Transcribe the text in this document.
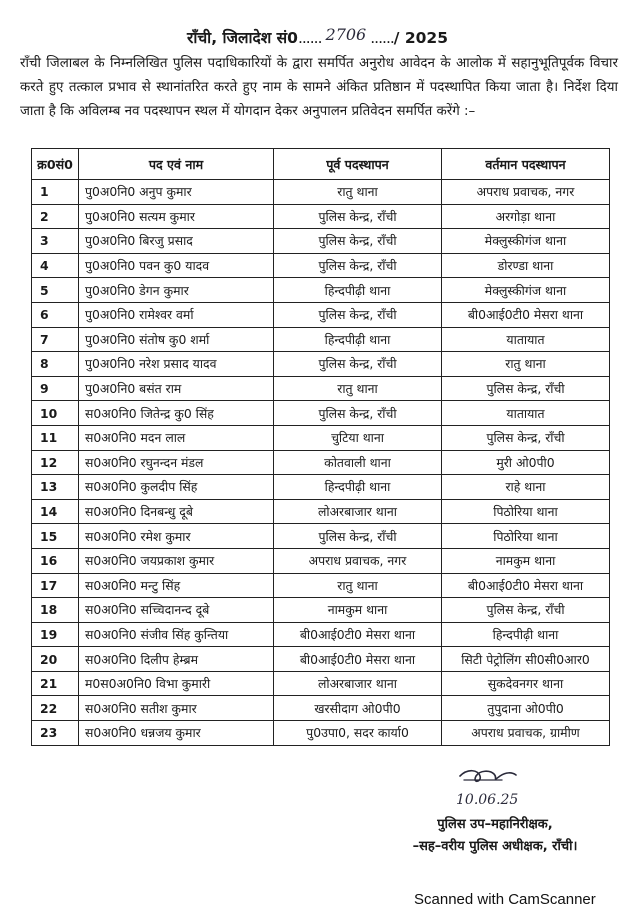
राँची, जिलादेश सं0...... 2706 ....../ 2025
राँची जिलाबल के निम्नलिखित पुलिस पदाधिकारियों के द्वारा समर्पित अनुरोध आवेदन के आलोक में सहानुभूतिपूर्वक विचार करते हुए तत्काल प्रभाव से स्थानांतरित करते हुए नाम के सामने अंकित प्रतिष्ठान में पदस्थापित किया जाता है। निर्देश दिया जाता है कि अविलम्ब नव पदस्थापन स्थल में योगदान देकर अनुपालन प्रतिवेदन समर्पित करेंगे :–
क्र0सं0	पद एवं नाम	पूर्व पदस्थापन	वर्तमान पदस्थापन
1	पु0अ0नि0 अनुप कुमार	रातु थाना	अपराध प्रवाचक, नगर
2	पु0अ0नि0 सत्यम कुमार	पुलिस केन्द्र, राँची	अरगोड़ा थाना
3	पु0अ0नि0 बिरजु प्रसाद	पुलिस केन्द्र, राँची	मेक्लुस्कीगंज थाना
4	पु0अ0नि0 पवन कु0 यादव	पुलिस केन्द्र, राँची	डोरण्डा थाना
5	पु0अ0नि0 डेगन कुमार	हिन्दपीढ़ी थाना	मेक्लुस्कीगंज थाना
6	पु0अ0नि0 रामेश्वर वर्मा	पुलिस केन्द्र, राँची	बी0आई0टी0 मेसरा थाना
7	पु0अ0नि0 संतोष कु0 शर्मा	हिन्दपीढ़ी थाना	यातायात
8	पु0अ0नि0 नरेश प्रसाद यादव	पुलिस केन्द्र, राँची	रातु थाना
9	पु0अ0नि0 बसंत राम	रातु थाना	पुलिस केन्द्र, राँची
10	स0अ0नि0 जितेन्द्र कु0 सिंह	पुलिस केन्द्र, राँची	यातायात
11	स0अ0नि0 मदन लाल	चुटिया थाना	पुलिस केन्द्र, राँची
12	स0अ0नि0 रघुनन्दन मंडल	कोतवाली थाना	मुरी ओ0पी0
13	स0अ0नि0 कुलदीप सिंह	हिन्दपीढ़ी थाना	राहे थाना
14	स0अ0नि0 दिनबन्धु दूबे	लोअरबाजार थाना	पिठोरिया थाना
15	स0अ0नि0 रमेश कुमार	पुलिस केन्द्र, राँची	पिठोरिया थाना
16	स0अ0नि0 जयप्रकाश कुमार	अपराध प्रवाचक, नगर	नामकुम थाना
17	स0अ0नि0 मन्टु सिंह	रातु थाना	बी0आई0टी0 मेसरा थाना
18	स0अ0नि0 सच्चिदानन्द दूबे	नामकुम थाना	पुलिस केन्द्र, राँची
19	स0अ0नि0 संजीव सिंह कुन्तिया	बी0आई0टी0 मेसरा थाना	हिन्दपीढ़ी थाना
20	स0अ0नि0 दिलीप हेम्ब्रम	बी0आई0टी0 मेसरा थाना	सिटी पेट्रोलिंग सी0सी0आर0
21	म0स0अ0नि0 विभा कुमारी	लोअरबाजार थाना	सुकदेवनगर थाना
22	स0अ0नि0 सतीश कुमार	खरसीदाग ओ0पी0	तुपुदाना ओ0पी0
23	स0अ0नि0 धन्नजय कुमार	पु0उपा0, सदर कार्या0	अपराध प्रवाचक, ग्रामीण
10.06.25
पुलिस उप–महानिरीक्षक,
–सह–वरीय पुलिस अधीक्षक, राँची।
Scanned with CamScanner
